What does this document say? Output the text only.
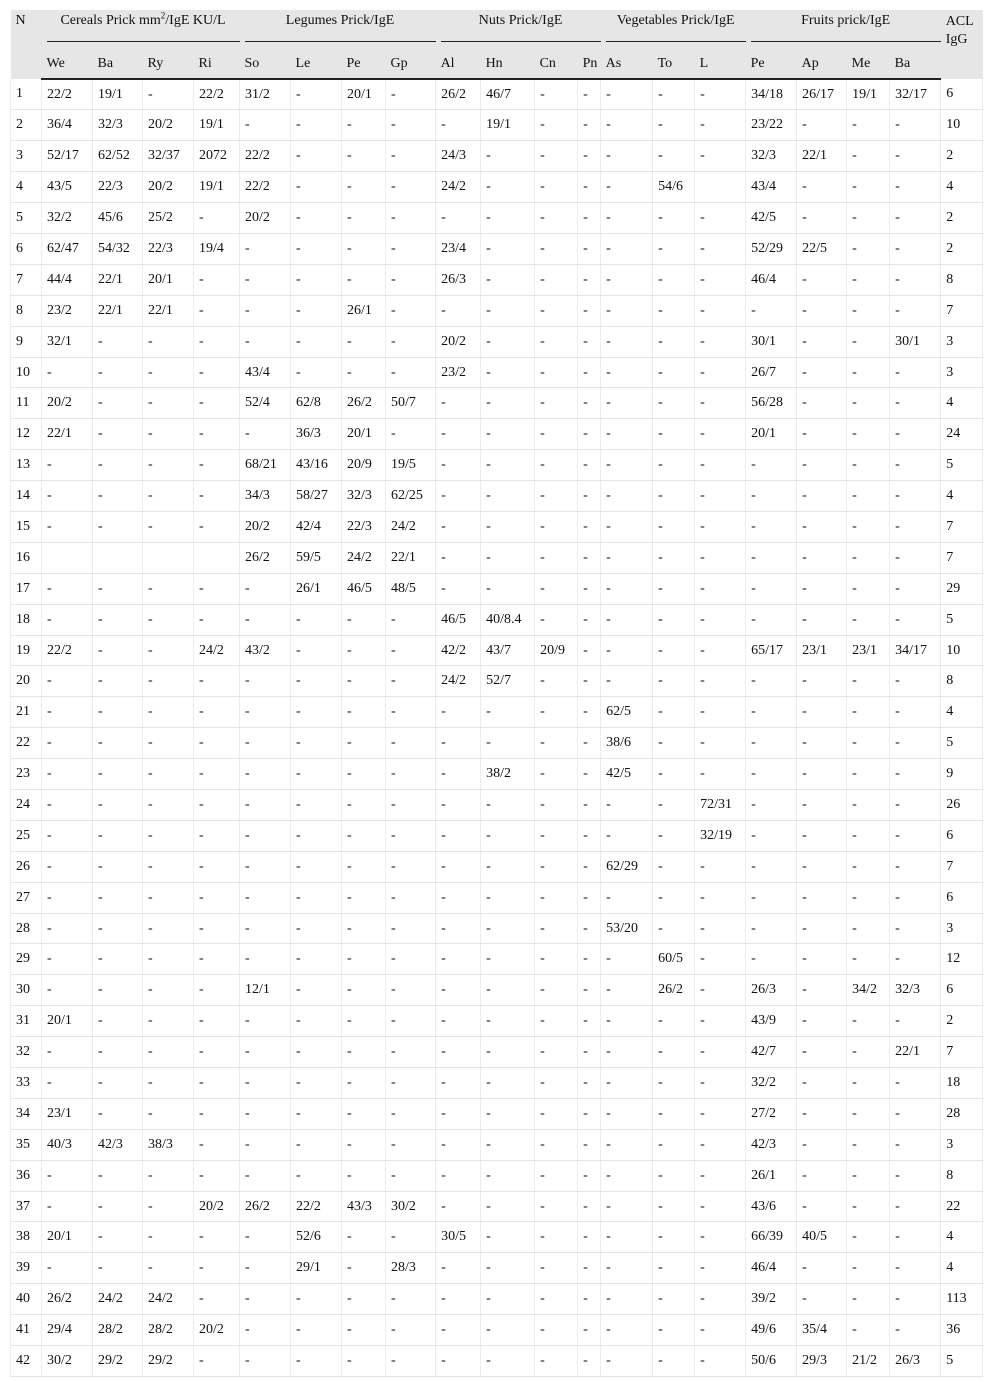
N	Cereals Prick $mm^2$/IgE KU/L				Legumes Prick/IgE				Nuts Prick/IgE				Vegetables Prick/IgE			Fruits prick/IgE				ACL IgG
	We	Ba	Ry	Ri	So	Le	Pe	Gp	Al	Hn	Cn	Pn	As	To	L	Pe	Ap	Me	Ba	
1	22/2	19/1	-	22/2	31/2	-	20/1	-	26/2	46/7	-	-	-	-	-	34/18	26/17	19/1	32/17	6
2	36/4	32/3	20/2	19/1	-	-	-	-	-	19/1	-	-	-	-	-	23/22	-	-	-	10
3	52/17	62/52	32/37	2072	22/2	-	-	-	24/3	-	-	-	-	-	-	32/3	22/1	-	-	2
4	43/5	22/3	20/2	19/1	22/2	-	-	-	24/2	-	-	-	-	54/6		43/4	-	-	-	4
5	32/2	45/6	25/2	-	20/2	-	-	-	-	-	-	-	-	-	-	42/5	-	-	-	2
6	62/47	54/32	22/3	19/4	-	-	-	-	23/4	-	-	-	-	-	-	52/29	22/5	-	-	2
7	44/4	22/1	20/1	-	-	-	-	-	26/3	-	-	-	-	-	-	46/4	-	-	-	8
8	23/2	22/1	22/1	-	-	-	26/1	-	-	-	-	-	-	-	-	-	-	-	-	7
9	32/1	-	-	-	-	-	-	-	20/2	-	-	-	-	-	-	30/1	-	-	30/1	3
10	-	-	-	-	43/4	-	-	-	23/2	-	-	-	-	-	-	26/7	-	-	-	3
11	20/2	-	-	-	52/4	62/8	26/2	50/7	-	-	-	-	-	-	-	56/28	-	-	-	4
12	22/1	-	-	-	-	36/3	20/1	-	-	-	-	-	-	-	-	20/1	-	-	-	24
13	-	-	-	-	68/21	43/16	20/9	19/5	-	-	-	-	-	-	-	-	-	-	-	5
14	-	-	-	-	34/3	58/27	32/3	62/25	-	-	-	-	-	-	-	-	-	-	-	4
15	-	-	-	-	20/2	42/4	22/3	24/2	-	-	-	-	-	-	-	-	-	-	-	7
16					26/2	59/5	24/2	22/1	-	-	-	-	-	-	-	-	-	-	-	7
17	-	-	-	-	-	26/1	46/5	48/5	-	-	-	-	-	-	-	-	-	-	-	29
18	-	-	-	-	-	-	-	-	46/5	40/8.4	-	-	-	-	-	-	-	-	-	5
19	22/2	-	-	24/2	43/2	-	-	-	42/2	43/7	20/9	-	-	-	-	65/17	23/1	23/1	34/17	10
20	-	-	-	-	-	-	-	-	24/2	52/7	-	-	-	-	-	-	-	-	-	8
21	-	-	-	-	-	-	-	-	-	-	-	-	62/5	-	-	-	-	-	-	4
22	-	-	-	-	-	-	-	-	-	-	-	-	38/6	-	-	-	-	-	-	5
23	-	-	-	-	-	-	-	-	-	38/2	-	-	42/5	-	-	-	-	-	-	9
24	-	-	-	-	-	-	-	-	-	-	-	-	-	-	72/31	-	-	-	-	26
25	-	-	-	-	-	-	-	-	-	-	-	-	-	-	32/19	-	-	-	-	6
26	-	-	-	-	-	-	-	-	-	-	-	-	62/29	-	-	-	-	-	-	7
27	-	-	-	-	-	-	-	-	-	-	-	-	-	-	-	-	-	-	-	6
28	-	-	-	-	-	-	-	-	-	-	-	-	53/20	-	-	-	-	-	-	3
29	-	-	-	-	-	-	-	-	-	-	-	-	-	60/5	-	-	-	-	-	12
30	-	-	-	-	12/1	-	-	-	-	-	-	-	-	26/2	-	26/3	-	34/2	32/3	6
31	20/1	-	-	-	-	-	-	-	-	-	-	-	-	-	-	43/9	-	-	-	2
32	-	-	-	-	-	-	-	-	-	-	-	-	-	-	-	42/7	-	-	22/1	7
33	-	-	-	-	-	-	-	-	-	-	-	-	-	-	-	32/2	-	-	-	18
34	23/1	-	-	-	-	-	-	-	-	-	-	-	-	-	-	27/2	-	-	-	28
35	40/3	42/3	38/3	-	-	-	-	-	-	-	-	-	-	-	-	42/3	-	-	-	3
36	-	-	-	-	-	-	-	-	-	-	-	-	-	-	-	26/1	-	-	-	8
37	-	-	-	20/2	26/2	22/2	43/3	30/2	-	-	-	-	-	-	-	43/6	-	-	-	22
38	20/1	-	-	-	-	52/6	-	-	30/5	-	-	-	-	-	-	66/39	40/5	-	-	4
39	-	-	-	-	-	29/1	-	28/3	-	-	-	-	-	-	-	46/4	-	-	-	4
40	26/2	24/2	24/2	-	-	-	-	-	-	-	-	-	-	-	-	39/2	-	-	-	113
41	29/4	28/2	28/2	20/2	-	-	-	-	-	-	-	-	-	-	-	49/6	35/4	-	-	36
42	30/2	29/2	29/2	-	-	-	-	-	-	-	-	-	-	-	-	50/6	29/3	21/2	26/3	5
